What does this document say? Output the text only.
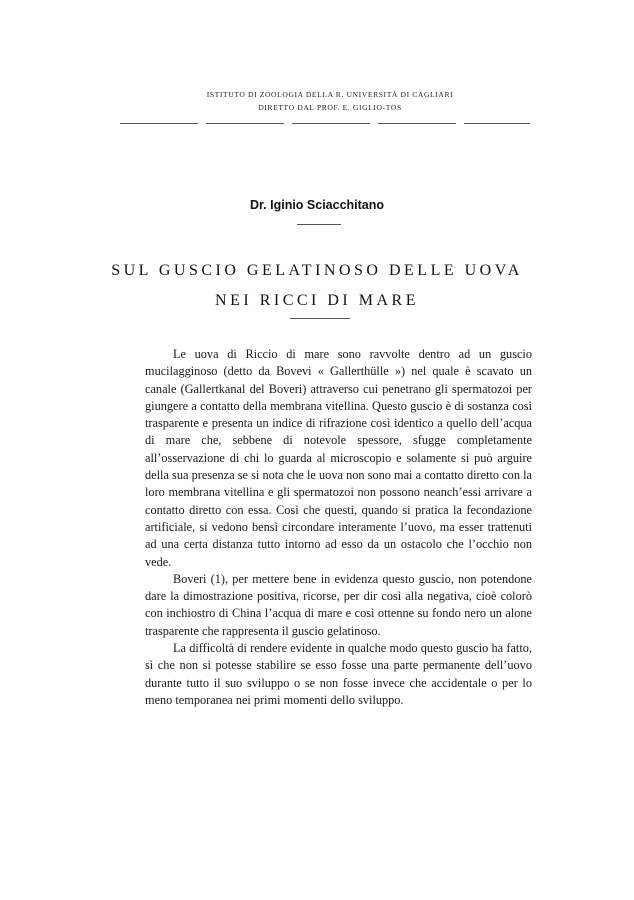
ISTITUTO DI ZOOLOGIA DELLA R. UNIVERSITÀ DI CAGLIARI
DIRETTO DAL PROF. E. GIGLIO-TOS
Dr. Iginio Sciacchitano
SUL GUSCIO GELATINOSO DELLE UOVA
NEI RICCI DI MARE

Le uova di Riccio di mare sono ravvolte dentro ad un guscio mucilagginoso (detto da Bovevi « Gallerthülle ») nel quale è scavato un canale (Gallertkanal del Boveri) attraverso cui penetrano gli spermatozoi per giungere a contatto della membrana vitellina. Questo guscio è di sostanza così trasparente e presenta un indice di rifrazione così identico a quello dell’acqua di mare che, sebbene di notevole spessore, sfugge completamente all’osservazione di chi lo guarda al microscopio e solamente si può arguire della sua presenza se si nota che le uova non sono mai a contatto diretto con la loro membrana vitellina e gli spermatozoi non possono neanch’essi arrivare a contatto diretto con essa. Così che questi, quando si pratica la fecondazione artificiale, si vedono bensì circondare interamente l’uovo, ma esser trattenuti ad una certa distanza tutto intorno ad esso da un ostacolo che l’occhio non vede.

Boveri (1), per mettere bene in evidenza questo guscio, non potendone dare la dimostrazione positiva, ricorse, per dir così alla negativa, cioè colorò con inchiostro di China l’acqua di mare e così ottenne su fondo nero un alone trasparente che rappresenta il guscio gelatinoso.

La difficoltà di rendere evidente in qualche modo questo guscio ha fatto, sì che non si potesse stabilire se esso fosse una parte permanente dell’uovo durante tutto il suo sviluppo o se non fosse invece che accidentale o per lo meno temporanea nei primi momenti dello sviluppo.
